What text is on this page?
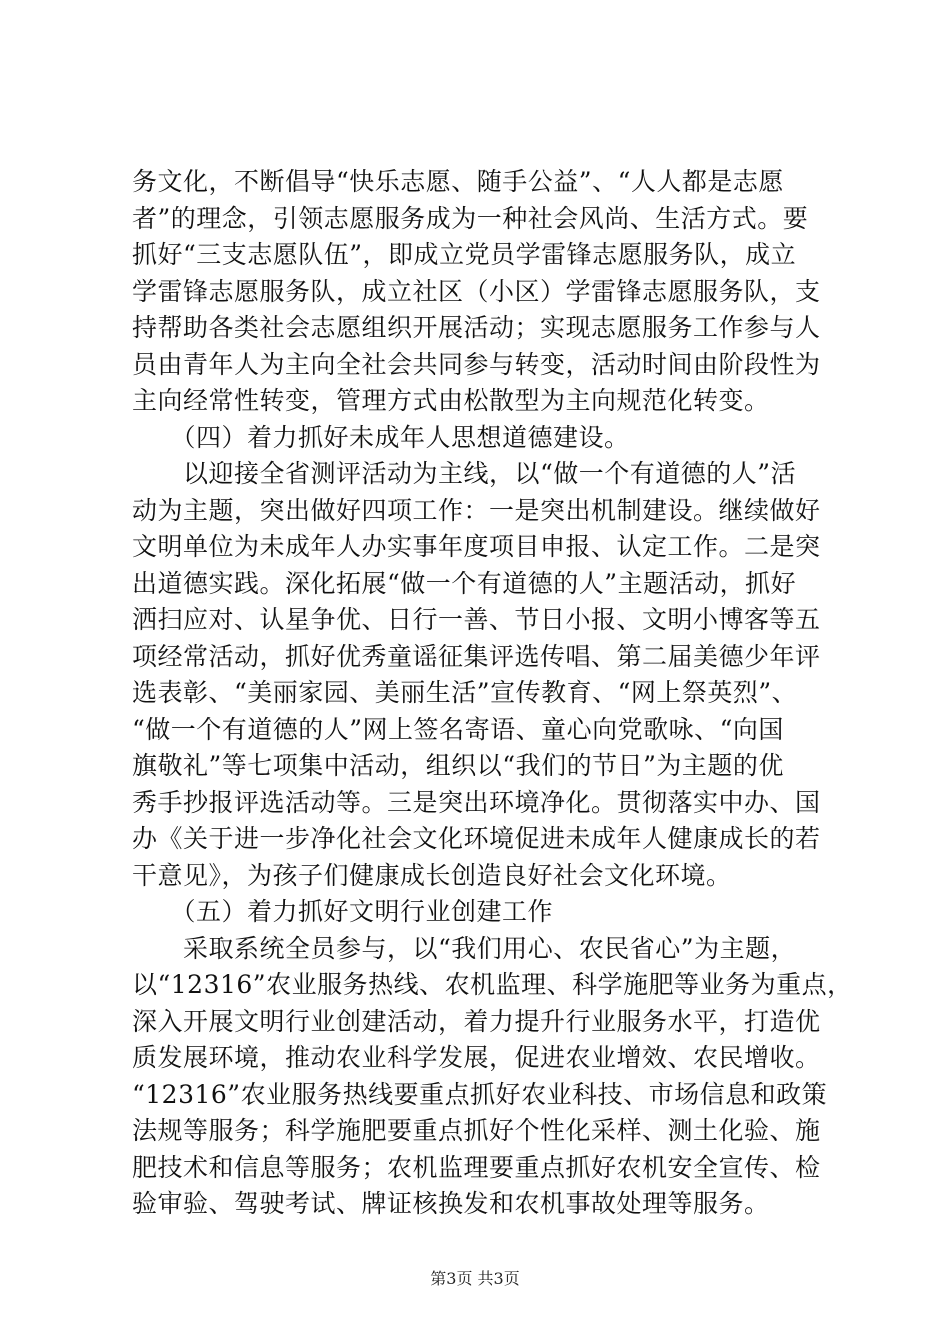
务文化，不断倡导“快乐志愿、随手公益”、“人人都是志愿
者”的理念，引领志愿服务成为一种社会风尚、生活方式。要
抓好“三支志愿队伍”，即成立党员学雷锋志愿服务队，成立
学雷锋志愿服务队，成立社区（小区）学雷锋志愿服务队，支
持帮助各类社会志愿组织开展活动；实现志愿服务工作参与人
员由青年人为主向全社会共同参与转变，活动时间由阶段性为
主向经常性转变，管理方式由松散型为主向规范化转变。
　　（四）着力抓好未成年人思想道德建设。
　　以迎接全省测评活动为主线，以“做一个有道德的人”活
动为主题，突出做好四项工作：一是突出机制建设。继续做好
文明单位为未成年人办实事年度项目申报、认定工作。二是突
出道德实践。深化拓展“做一个有道德的人”主题活动，抓好
洒扫应对、认星争优、日行一善、节日小报、文明小博客等五
项经常活动，抓好优秀童谣征集评选传唱、第二届美德少年评
选表彰、“美丽家园、美丽生活”宣传教育、“网上祭英烈”、
“做一个有道德的人”网上签名寄语、童心向党歌咏、“向国
旗敬礼”等七项集中活动，组织以“我们的节日”为主题的优
秀手抄报评选活动等。三是突出环境净化。贯彻落实中办、国
办《关于进一步净化社会文化环境促进未成年人健康成长的若
干意见》，为孩子们健康成长创造良好社会文化环境。
　　（五）着力抓好文明行业创建工作
　　采取系统全员参与，以“我们用心、农民省心”为主题，
以“12316”农业服务热线、农机监理、科学施肥等业务为重点，
深入开展文明行业创建活动，着力提升行业服务水平，打造优
质发展环境，推动农业科学发展，促进农业增效、农民增收。
“12316”农业服务热线要重点抓好农业科技、市场信息和政策
法规等服务；科学施肥要重点抓好个性化采样、测土化验、施
肥技术和信息等服务；农机监理要重点抓好农机安全宣传、检
验审验、驾驶考试、牌证核换发和农机事故处理等服务。
第3页 共3页
